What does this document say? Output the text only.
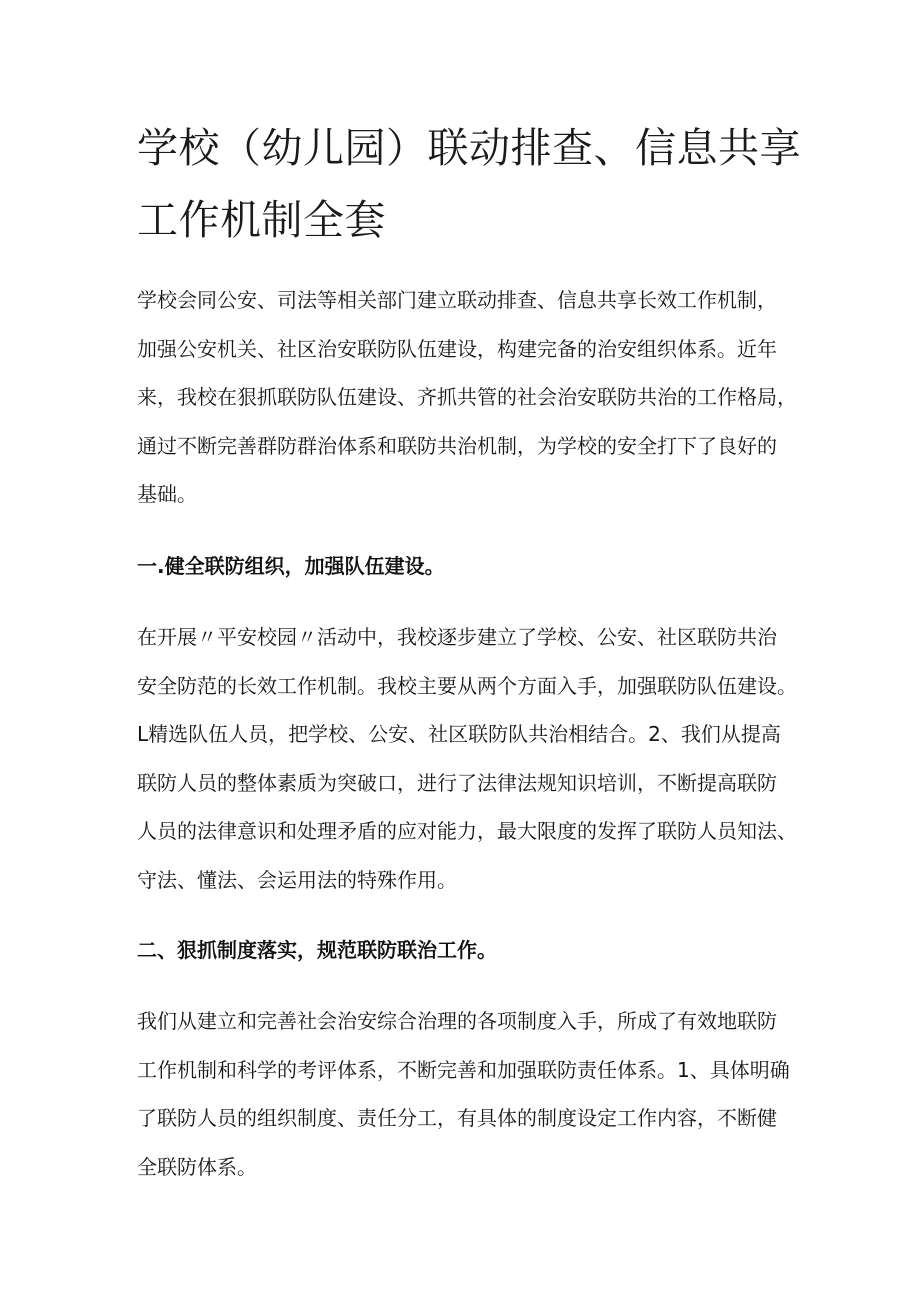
学校（幼儿园）联动排查、信息共享
工作机制全套
学校会同公安、司法等相关部门建立联动排查、信息共享长效工作机制，
加强公安机关、社区治安联防队伍建设，构建完备的治安组织体系。近年
来，我校在狠抓联防队伍建设、齐抓共管的社会治安联防共治的工作格局，
通过不断完善群防群治体系和联防共治机制，为学校的安全打下了良好的
基础。
一.健全联防组织，加强队伍建设。
在开展〃平安校园〃活动中，我校逐步建立了学校、公安、社区联防共治
安全防范的长效工作机制。我校主要从两个方面入手，加强联防队伍建设。
L精选队伍人员，把学校、公安、社区联防队共治相结合。2、我们从提高
联防人员的整体素质为突破口，进行了法律法规知识培训，不断提高联防
人员的法律意识和处理矛盾的应对能力，最大限度的发挥了联防人员知法、
守法、懂法、会运用法的特殊作用。
二、狠抓制度落实，规范联防联治工作。
我们从建立和完善社会治安综合治理的各项制度入手，所成了有效地联防
工作机制和科学的考评体系，不断完善和加强联防责任体系。1、具体明确
了联防人员的组织制度、责任分工，有具体的制度设定工作内容，不断健
全联防体系。
